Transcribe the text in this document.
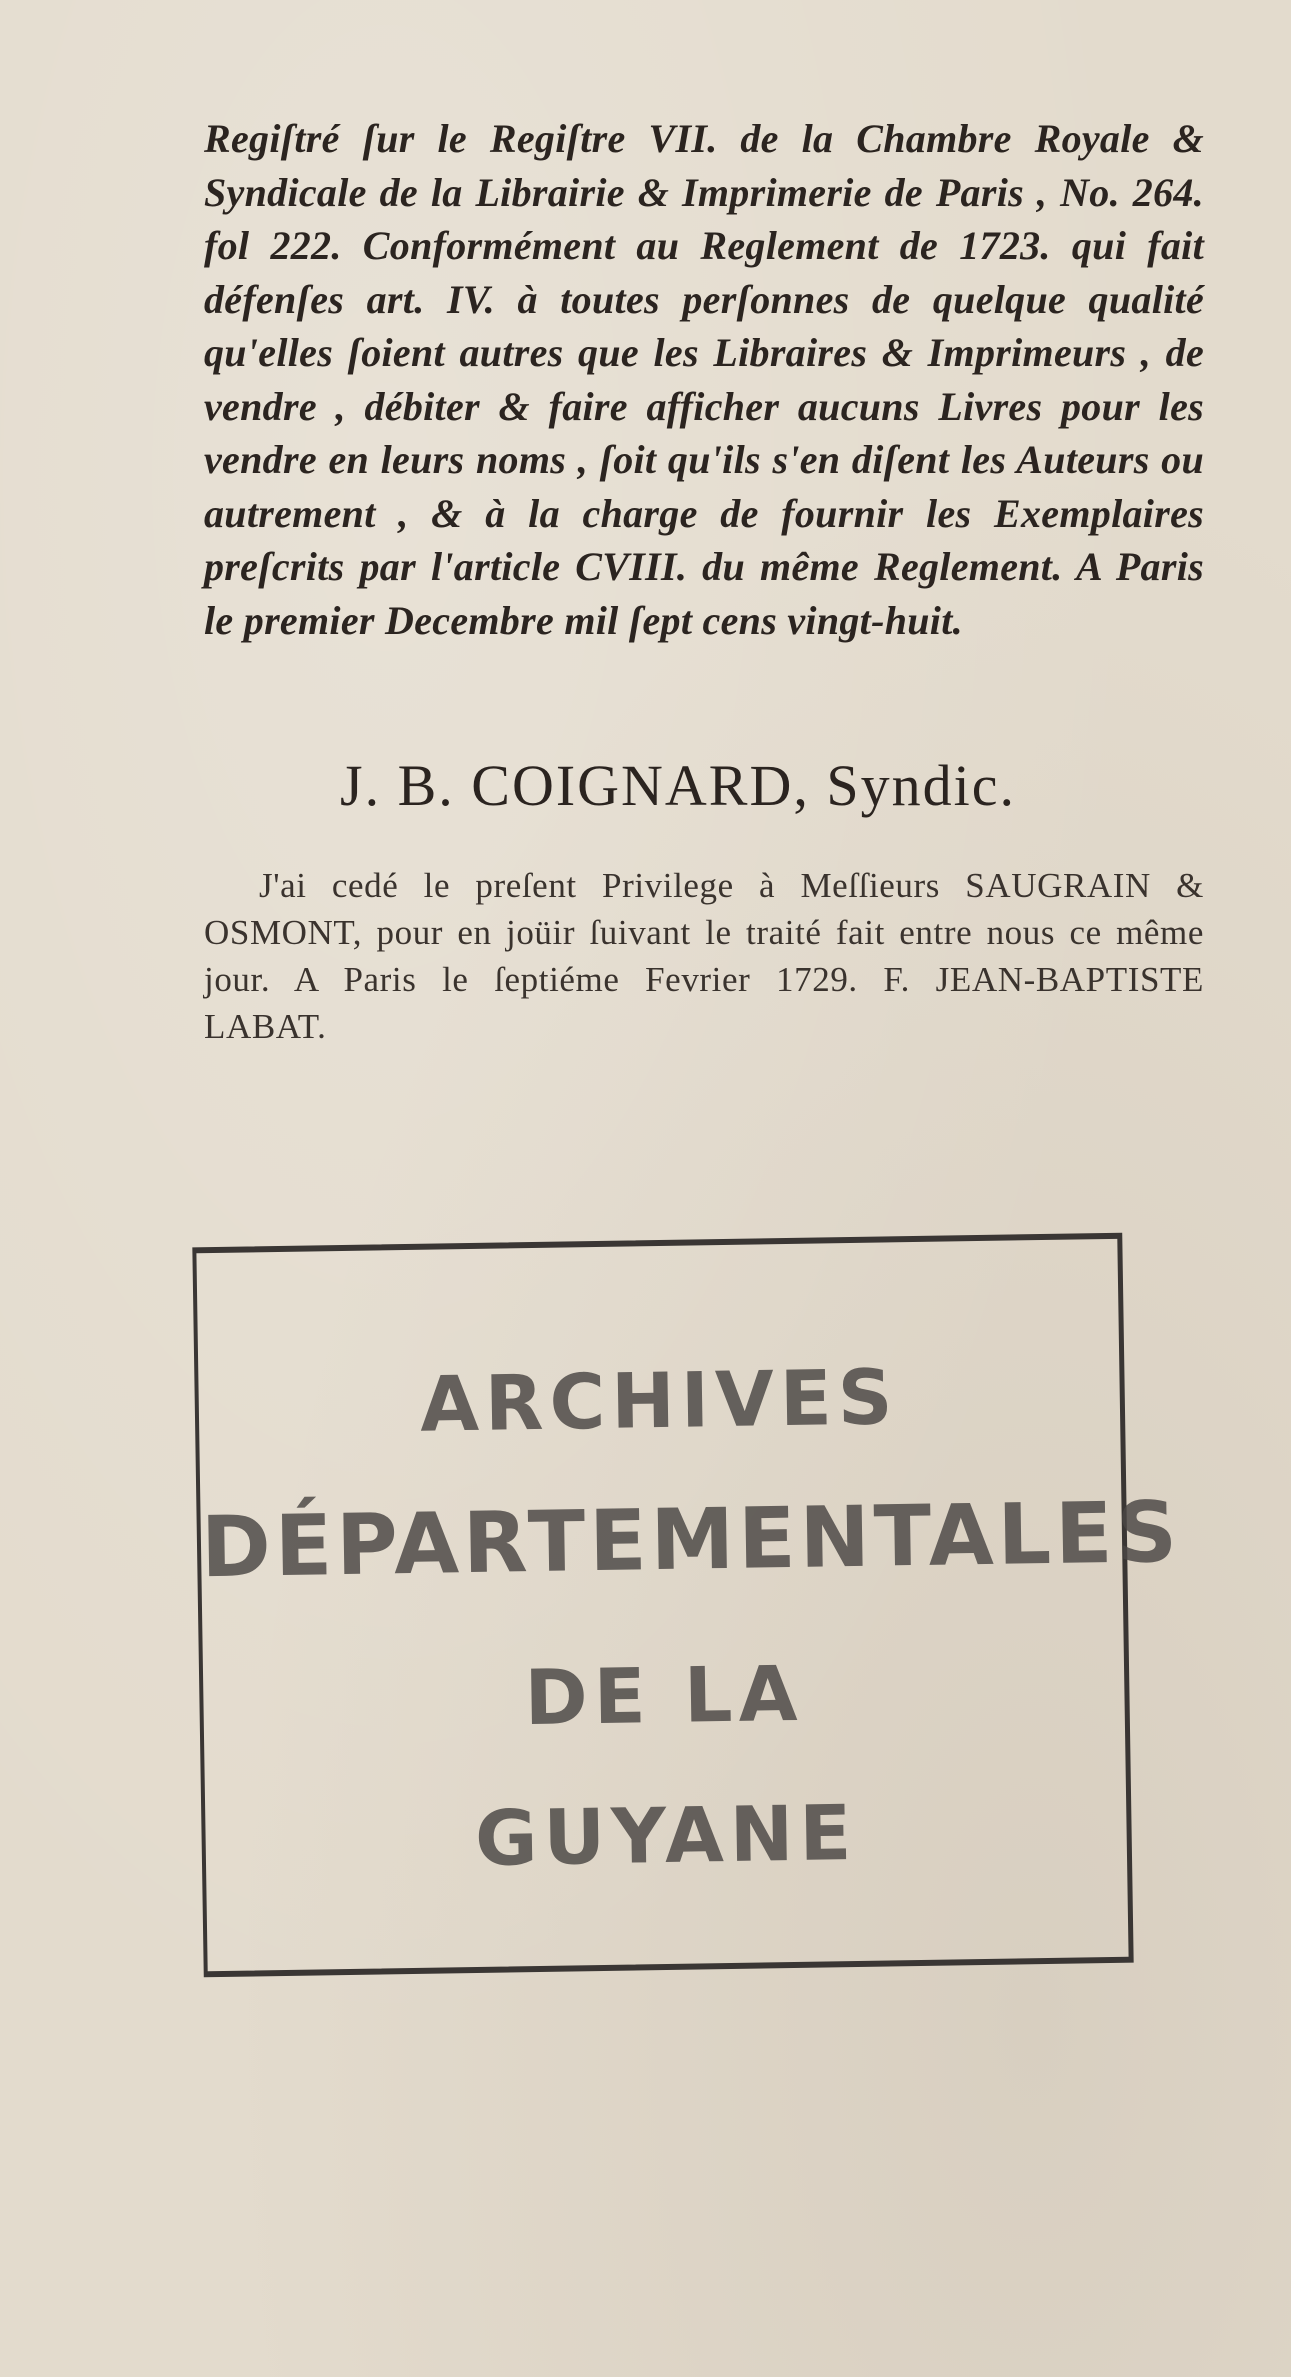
Regiſtré ſur le Regiſtre VII. de la Chambre Royale & Syndicale de la Librairie & Imprimerie de Paris , No. 264. fol 222. Conformément au Reglement de 1723. qui fait défenſes art. IV. à toutes perſonnes de quelque qualité qu'elles ſoient autres que les Libraires & Imprimeurs , de vendre , débiter & faire afficher aucuns Livres pour les vendre en leurs noms , ſoit qu'ils s'en diſent les Auteurs ou autrement , & à la charge de fournir les Exemplaires preſcrits par l'article CVIII. du même Reglement. A Paris le premier Decembre mil ſept cens vingt-huit.
J. B. COIGNARD, Syndic.
J'ai cedé le preſent Privilege à Meſſieurs SAUGRAIN & OSMONT, pour en joüir ſuivant le traité fait entre nous ce même jour. A Paris le ſeptiéme Fevrier 1729. F. JEAN-BAPTISTE LABAT.
ARCHIVES
DÉPARTEMENTALES
DE LA
GUYANE
